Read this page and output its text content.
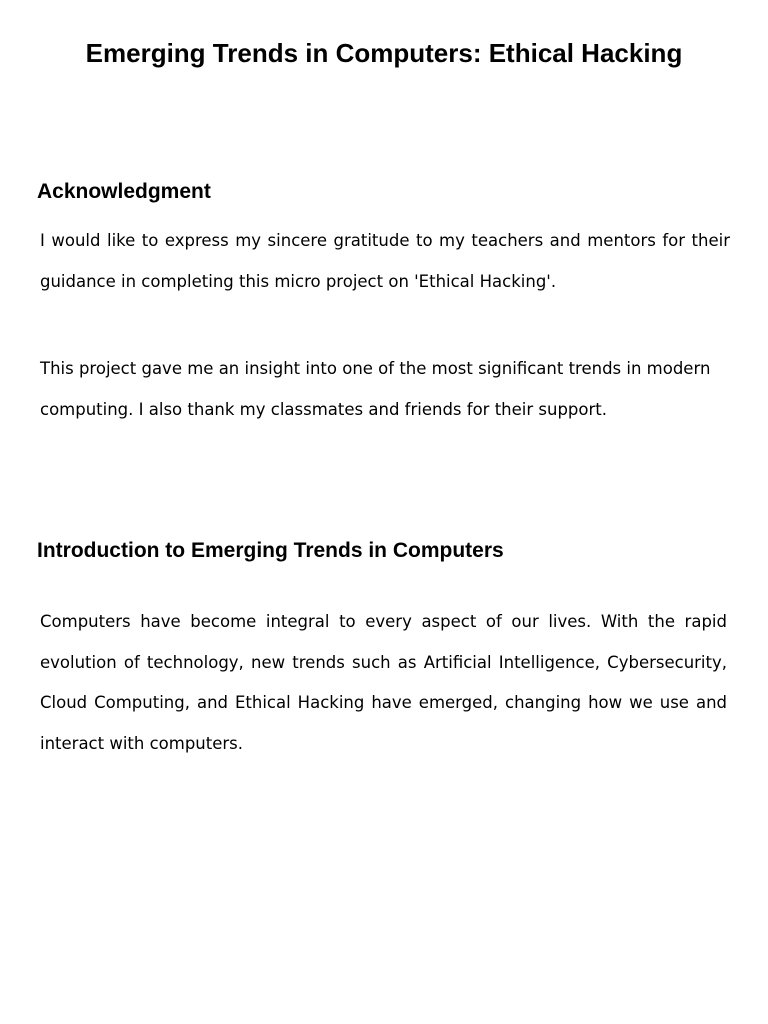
Emerging Trends in Computers: Ethical Hacking
Acknowledgment

I would like to express my sincere gratitude to my teachers and mentors for their guidance in completing this micro project on 'Ethical Hacking'.

This project gave me an insight into one of the most significant trends in modern computing. I also thank my classmates and friends for their support.

Introduction to Emerging Trends in Computers

Computers have become integral to every aspect of our lives. With the rapid evolution of technology, new trends such as Artificial Intelligence, Cybersecurity, Cloud Computing, and Ethical Hacking have emerged, changing how we use and interact with computers.
